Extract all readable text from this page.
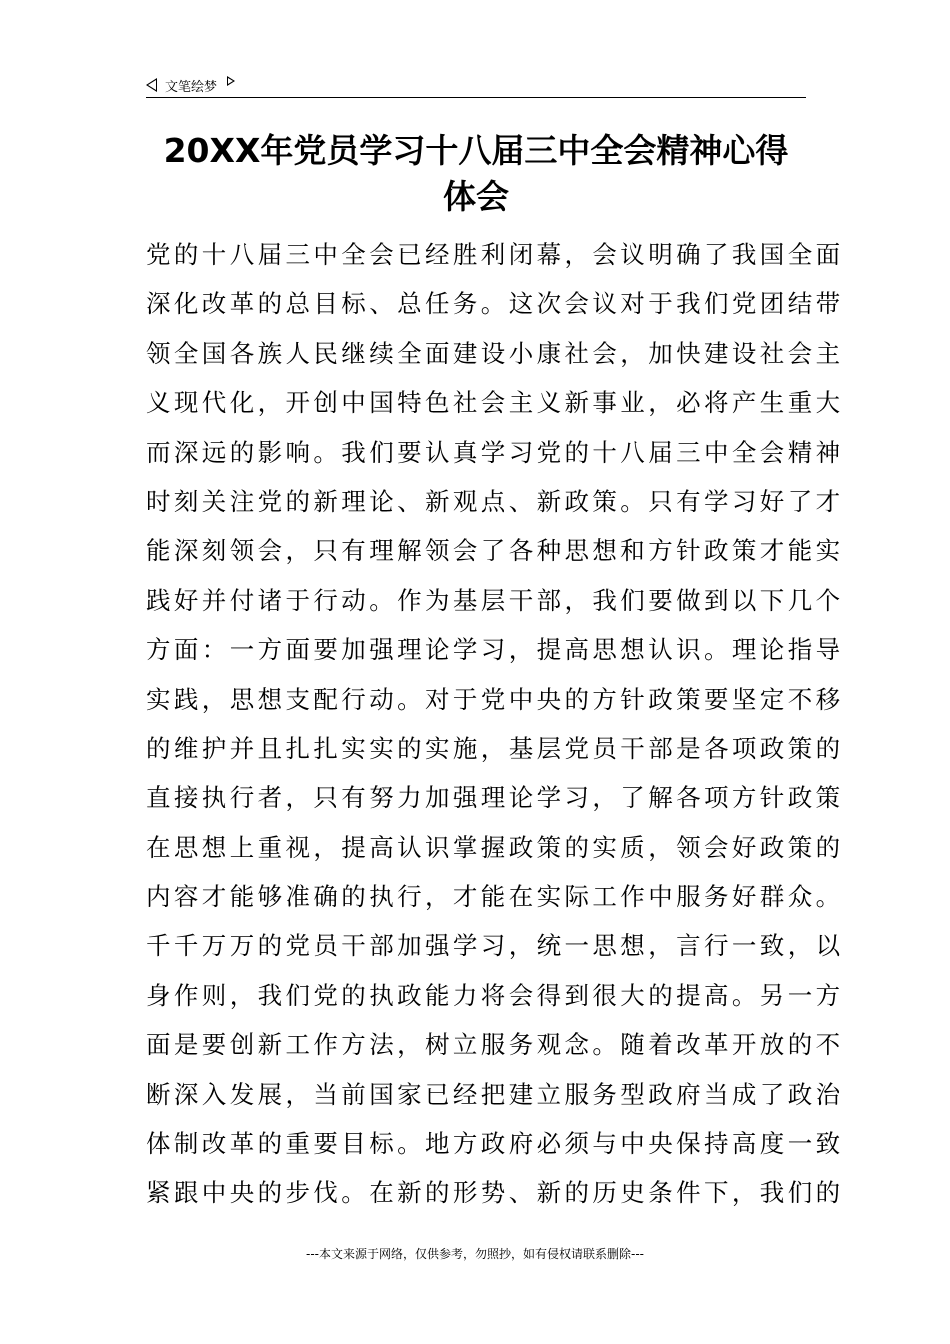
文笔绘梦
20XX年党员学习十八届三中全会精神心得
体会
党的十八届三中全会已经胜利闭幕，会议明确了我国全面
深化改革的总目标、总任务。这次会议对于我们党团结带
领全国各族人民继续全面建设小康社会，加快建设社会主
义现代化，开创中国特色社会主义新事业，必将产生重大
而深远的影响。我们要认真学习党的十八届三中全会精神
时刻关注党的新理论、新观点、新政策。只有学习好了才
能深刻领会，只有理解领会了各种思想和方针政策才能实
践好并付诸于行动。作为基层干部，我们要做到以下几个
方面：一方面要加强理论学习，提高思想认识。理论指导
实践，思想支配行动。对于党中央的方针政策要坚定不移
的维护并且扎扎实实的实施，基层党员干部是各项政策的
直接执行者，只有努力加强理论学习，了解各项方针政策
在思想上重视，提高认识掌握政策的实质，领会好政策的
内容才能够准确的执行，才能在实际工作中服务好群众。
千千万万的党员干部加强学习，统一思想，言行一致，以
身作则，我们党的执政能力将会得到很大的提高。另一方
面是要创新工作方法，树立服务观念。随着改革开放的不
断深入发展，当前国家已经把建立服务型政府当成了政治
体制改革的重要目标。地方政府必须与中央保持高度一致
紧跟中央的步伐。在新的形势、新的历史条件下，我们的
---本文来源于网络，仅供参考，勿照抄，如有侵权请联系删除---
